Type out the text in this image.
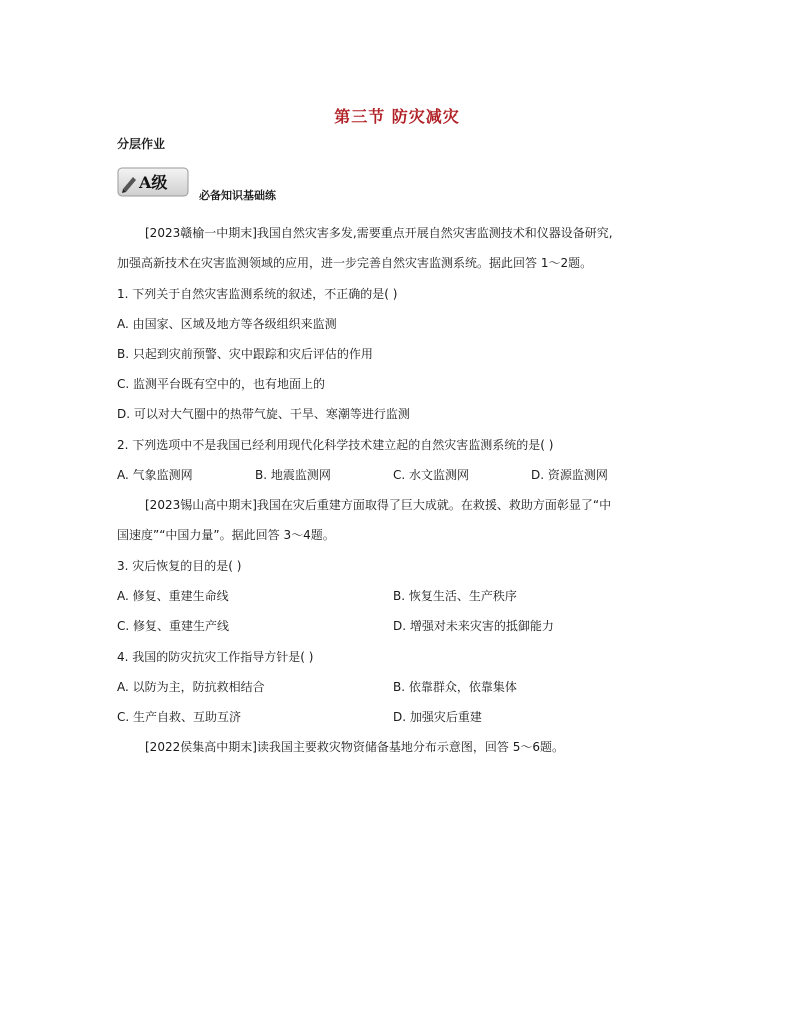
第三节 防灾减灾
分层作业
A级
必备知识基础练
[2023赣榆一中期末]我国自然灾害多发,需要重点开展自然灾害监测技术和仪器设备研究,
加强高新技术在灾害监测领域的应用，进一步完善自然灾害监测系统。据此回答 1～2题。
1. 下列关于自然灾害监测系统的叙述，不正确的是( )
A. 由国家、区域及地方等各级组织来监测
B. 只起到灾前预警、灾中跟踪和灾后评估的作用
C. 监测平台既有空中的，也有地面上的
D. 可以对大气圈中的热带气旋、干旱、寒潮等进行监测
2. 下列选项中不是我国已经利用现代化科学技术建立起的自然灾害监测系统的是( )
A. 气象监测网	B. 地震监测网	C. 水文监测网	D. 资源监测网
[2023锡山高中期末]我国在灾后重建方面取得了巨大成就。在救援、救助方面彰显了“中
国速度”“中国力量”。据此回答 3～4题。
3. 灾后恢复的目的是( )
A. 修复、重建生命线	B. 恢复生活、生产秩序
C. 修复、重建生产线	D. 增强对未来灾害的抵御能力
4. 我国的防灾抗灾工作指导方针是( )
A. 以防为主，防抗救相结合	B. 依靠群众，依靠集体
C. 生产自救、互助互济	D. 加强灾后重建
[2022侯集高中期末]读我国主要救灾物资储备基地分布示意图，回答 5～6题。
